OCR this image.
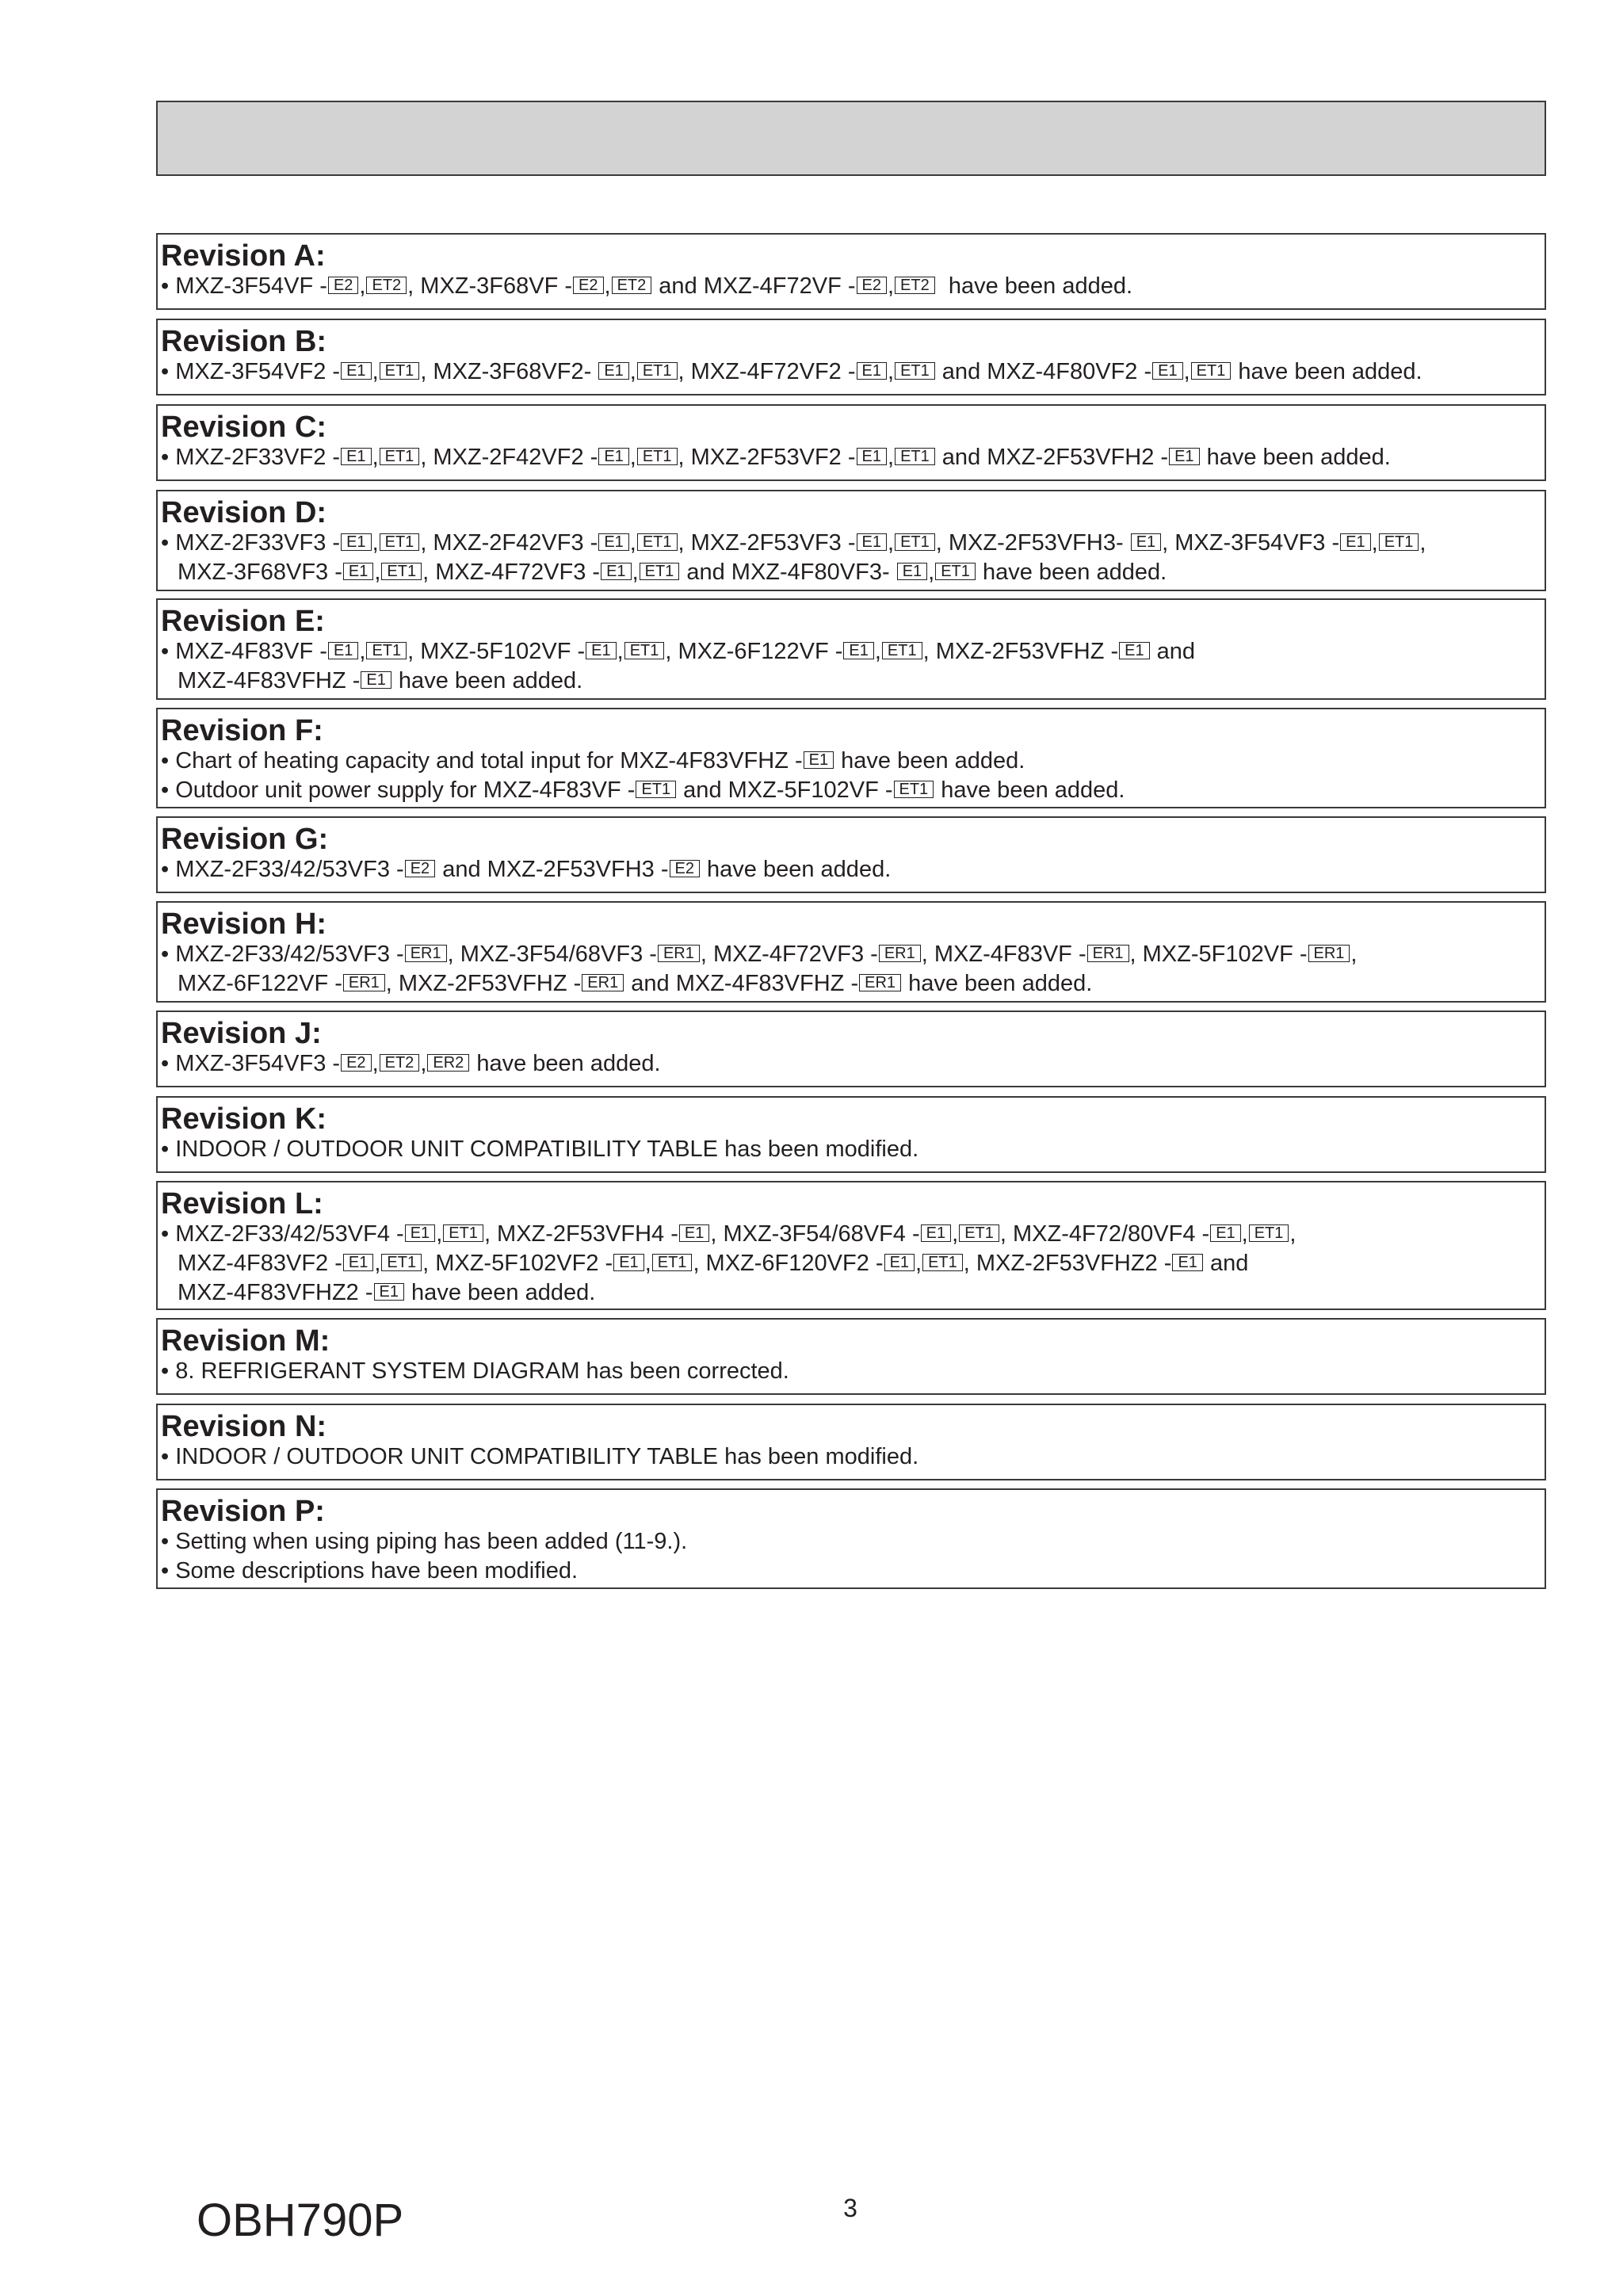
Revision A:
• MXZ-3F54VF - E2 , ET2 , MXZ-3F68VF - E2 , ET2 and MXZ-4F72VF - E2 , ET2  have been added.
Revision B:
• MXZ-3F54VF2 - E1 , ET1 , MXZ-3F68VF2- E1 , ET1 , MXZ-4F72VF2 - E1 , ET1 and MXZ-4F80VF2 - E1 , ET1 have been added.
Revision C:
• MXZ-2F33VF2 - E1 , ET1 , MXZ-2F42VF2 - E1 , ET1 , MXZ-2F53VF2 - E1 , ET1 and MXZ-2F53VFH2 - E1 have been added.
Revision D:
• MXZ-2F33VF3 - E1 , ET1 , MXZ-2F42VF3 - E1 , ET1 , MXZ-2F53VF3 - E1 , ET1 , MXZ-2F53VFH3- E1 , MXZ-3F54VF3 - E1 , ET1 ,
MXZ-3F68VF3 - E1 , ET1 , MXZ-4F72VF3 - E1 , ET1 and MXZ-4F80VF3- E1 , ET1 have been added.
Revision E:
• MXZ-4F83VF - E1 , ET1 , MXZ-5F102VF - E1 , ET1 , MXZ-6F122VF - E1 , ET1 , MXZ-2F53VFHZ - E1 and
MXZ-4F83VFHZ - E1 have been added.
Revision F:
• Chart of heating capacity and total input for MXZ-4F83VFHZ - E1 have been added.
• Outdoor unit power supply for MXZ-4F83VF - ET1 and MXZ-5F102VF - ET1 have been added.
Revision G:
• MXZ-2F33/42/53VF3 - E2 and MXZ-2F53VFH3 - E2 have been added.
Revision H:
• MXZ-2F33/42/53VF3 - ER1 , MXZ-3F54/68VF3 - ER1 , MXZ-4F72VF3 - ER1 , MXZ-4F83VF - ER1 , MXZ-5F102VF - ER1 ,
MXZ-6F122VF - ER1 , MXZ-2F53VFHZ - ER1 and MXZ-4F83VFHZ - ER1 have been added.
Revision J:
• MXZ-3F54VF3 - E2 , ET2 , ER2 have been added.
Revision K:
• INDOOR / OUTDOOR UNIT COMPATIBILITY TABLE has been modified.
Revision L:
• MXZ-2F33/42/53VF4 - E1 , ET1 , MXZ-2F53VFH4 - E1 , MXZ-3F54/68VF4 - E1 , ET1 , MXZ-4F72/80VF4 - E1 , ET1 ,
MXZ-4F83VF2 - E1 , ET1 , MXZ-5F102VF2 - E1 , ET1 , MXZ-6F120VF2 - E1 , ET1 , MXZ-2F53VFHZ2 - E1 and
MXZ-4F83VFHZ2 - E1 have been added.
Revision M:
• 8. REFRIGERANT SYSTEM DIAGRAM has been corrected.
Revision N:
• INDOOR / OUTDOOR UNIT COMPATIBILITY TABLE has been modified.
Revision P:
• Setting when using piping has been added (11-9.).
• Some descriptions have been modified.
OBH790P	3
